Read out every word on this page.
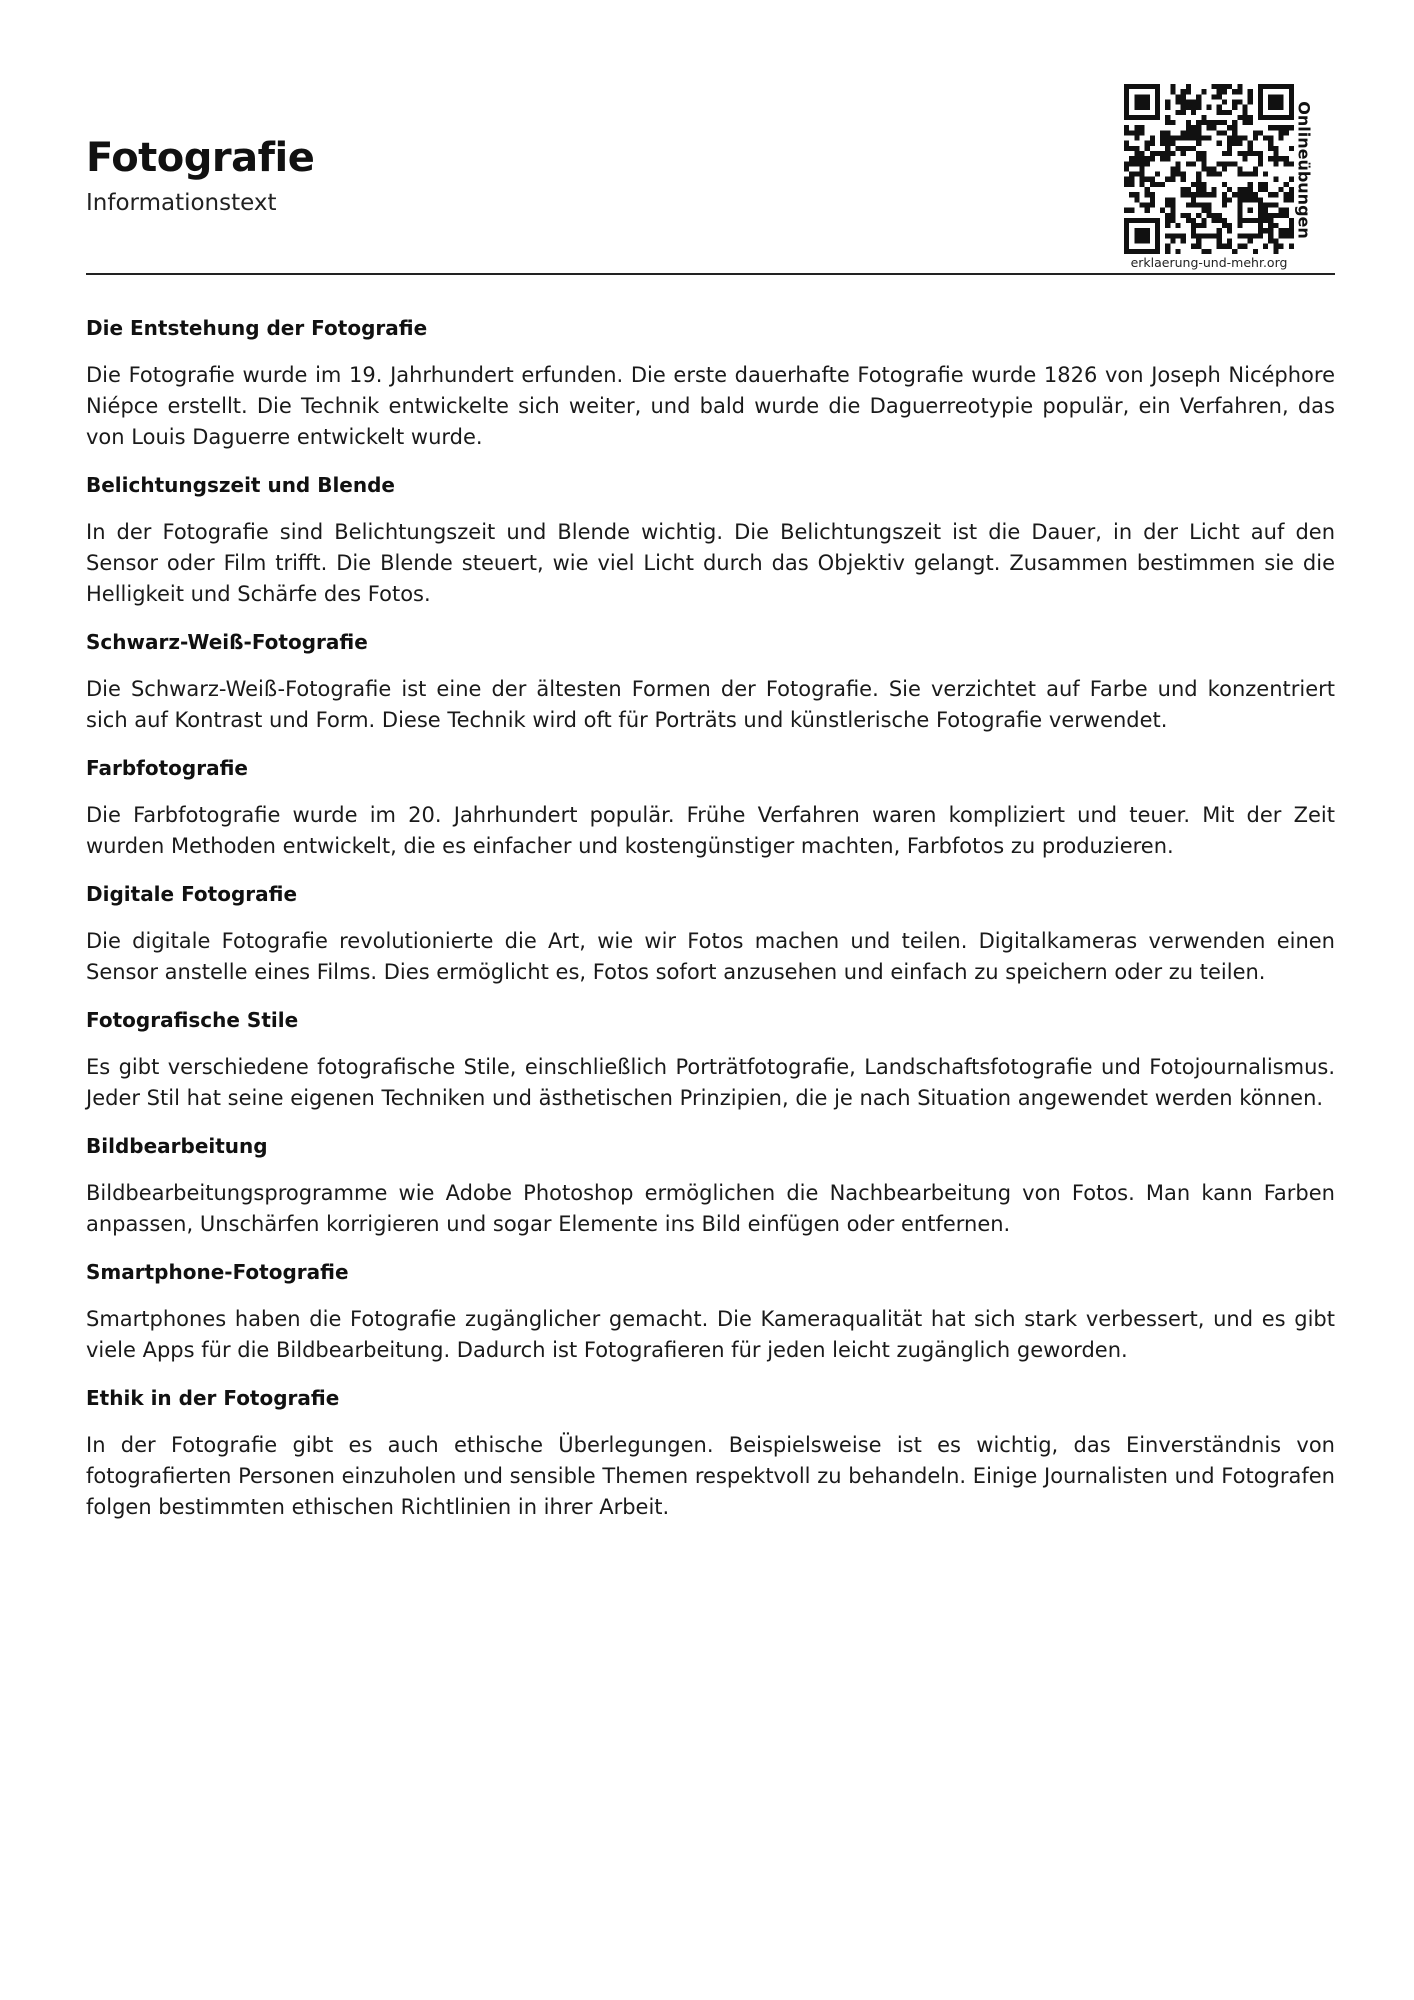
Fotografie
Informationstext
erklaerung-und-mehr.org
Onlineübungen
Die Entstehung der Fotografie

Die Fotografie wurde im 19. Jahrhundert erfunden. Die erste dauerhafte Fotografie wurde 1826 von Joseph Nicéphore Niépce erstellt. Die Technik entwickelte sich weiter, und bald wurde die Daguerreotypie populär, ein Verfahren, das von Louis Daguerre entwickelt wurde.

Belichtungszeit und Blende

In der Fotografie sind Belichtungszeit und Blende wichtig. Die Belichtungszeit ist die Dauer, in der Licht auf den Sensor oder Film trifft. Die Blende steuert, wie viel Licht durch das Objektiv gelangt. Zusammen bestimmen sie die Helligkeit und Schärfe des Fotos.

Schwarz-Weiß-Fotografie

Die Schwarz-Weiß-Fotografie ist eine der ältesten Formen der Fotografie. Sie verzichtet auf Farbe und konzentriert sich auf Kontrast und Form. Diese Technik wird oft für Porträts und künstlerische Fotografie verwendet.

Farbfotografie

Die Farbfotografie wurde im 20. Jahrhundert populär. Frühe Verfahren waren kompliziert und teuer. Mit der Zeit wurden Methoden entwickelt, die es einfacher und kostengünstiger machten, Farbfotos zu produzieren.

Digitale Fotografie

Die digitale Fotografie revolutionierte die Art, wie wir Fotos machen und teilen. Digitalkameras verwenden einen Sensor anstelle eines Films. Dies ermöglicht es, Fotos sofort anzusehen und einfach zu speichern oder zu teilen.

Fotografische Stile

Es gibt verschiedene fotografische Stile, einschließlich Porträtfotografie, Landschaftsfotografie und Fotojournalismus. Jeder Stil hat seine eigenen Techniken und ästhetischen Prinzipien, die je nach Situation angewendet werden können.

Bildbearbeitung

Bildbearbeitungsprogramme wie Adobe Photoshop ermöglichen die Nachbearbeitung von Fotos. Man kann Farben anpassen, Unschärfen korrigieren und sogar Elemente ins Bild einfügen oder entfernen.

Smartphone-Fotografie

Smartphones haben die Fotografie zugänglicher gemacht. Die Kameraqualität hat sich stark verbessert, und es gibt viele Apps für die Bildbearbeitung. Dadurch ist Fotografieren für jeden leicht zugänglich geworden.

Ethik in der Fotografie

In der Fotografie gibt es auch ethische Überlegungen. Beispielsweise ist es wichtig, das Einverständnis von fotografierten Personen einzuholen und sensible Themen respektvoll zu behandeln. Einige Journalisten und Fotografen folgen bestimmten ethischen Richtlinien in ihrer Arbeit.
